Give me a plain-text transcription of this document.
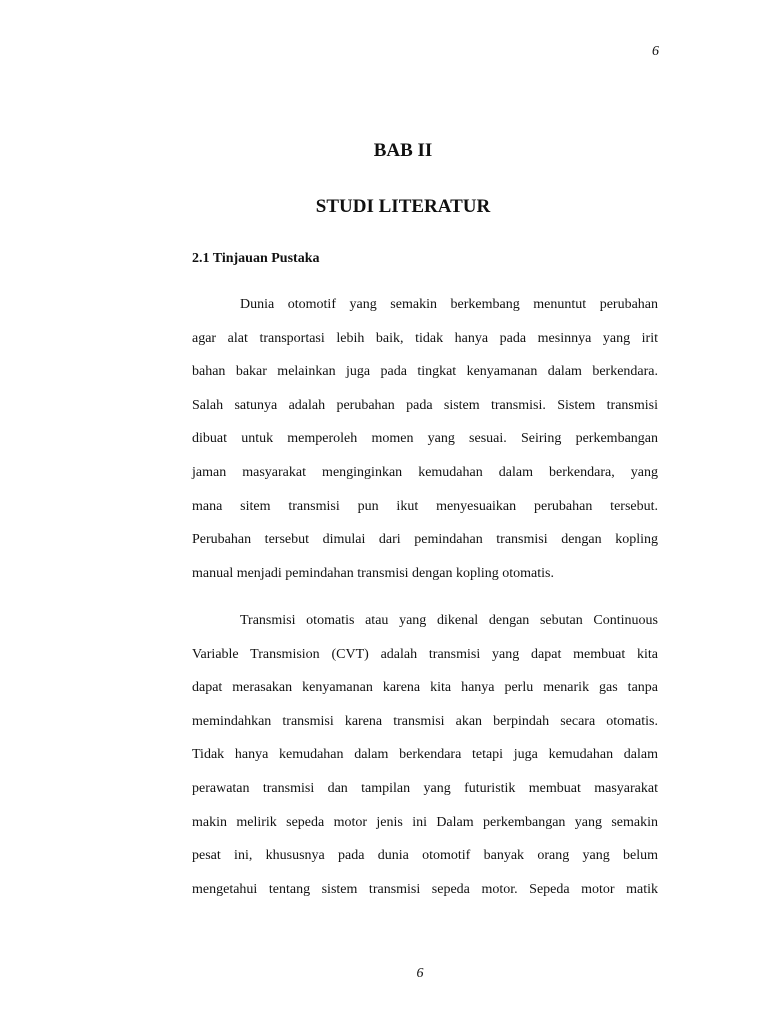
6
BAB II
STUDI LITERATUR
2.1 Tinjauan Pustaka
Dunia otomotif yang semakin berkembang menuntut perubahan
agar alat transportasi lebih baik, tidak hanya pada mesinnya yang irit
bahan bakar melainkan juga pada tingkat kenyamanan dalam berkendara.
Salah satunya adalah perubahan pada sistem transmisi. Sistem transmisi
dibuat untuk memperoleh momen yang sesuai. Seiring perkembangan
jaman masyarakat menginginkan kemudahan dalam berkendara, yang
mana sitem transmisi pun ikut menyesuaikan perubahan tersebut.
Perubahan tersebut dimulai dari pemindahan transmisi dengan kopling
manual menjadi pemindahan transmisi dengan kopling otomatis.
Transmisi otomatis atau yang dikenal dengan sebutan Continuous
Variable Transmision (CVT) adalah transmisi yang dapat membuat kita
dapat merasakan kenyamanan karena kita hanya perlu menarik gas tanpa
memindahkan transmisi karena transmisi akan berpindah secara otomatis.
Tidak hanya kemudahan dalam berkendara tetapi juga kemudahan dalam
perawatan transmisi dan tampilan yang futuristik membuat masyarakat
makin melirik sepeda motor jenis ini Dalam perkembangan yang semakin
pesat ini, khususnya pada dunia otomotif banyak orang yang belum
mengetahui tentang sistem transmisi sepeda motor. Sepeda motor matik
6
